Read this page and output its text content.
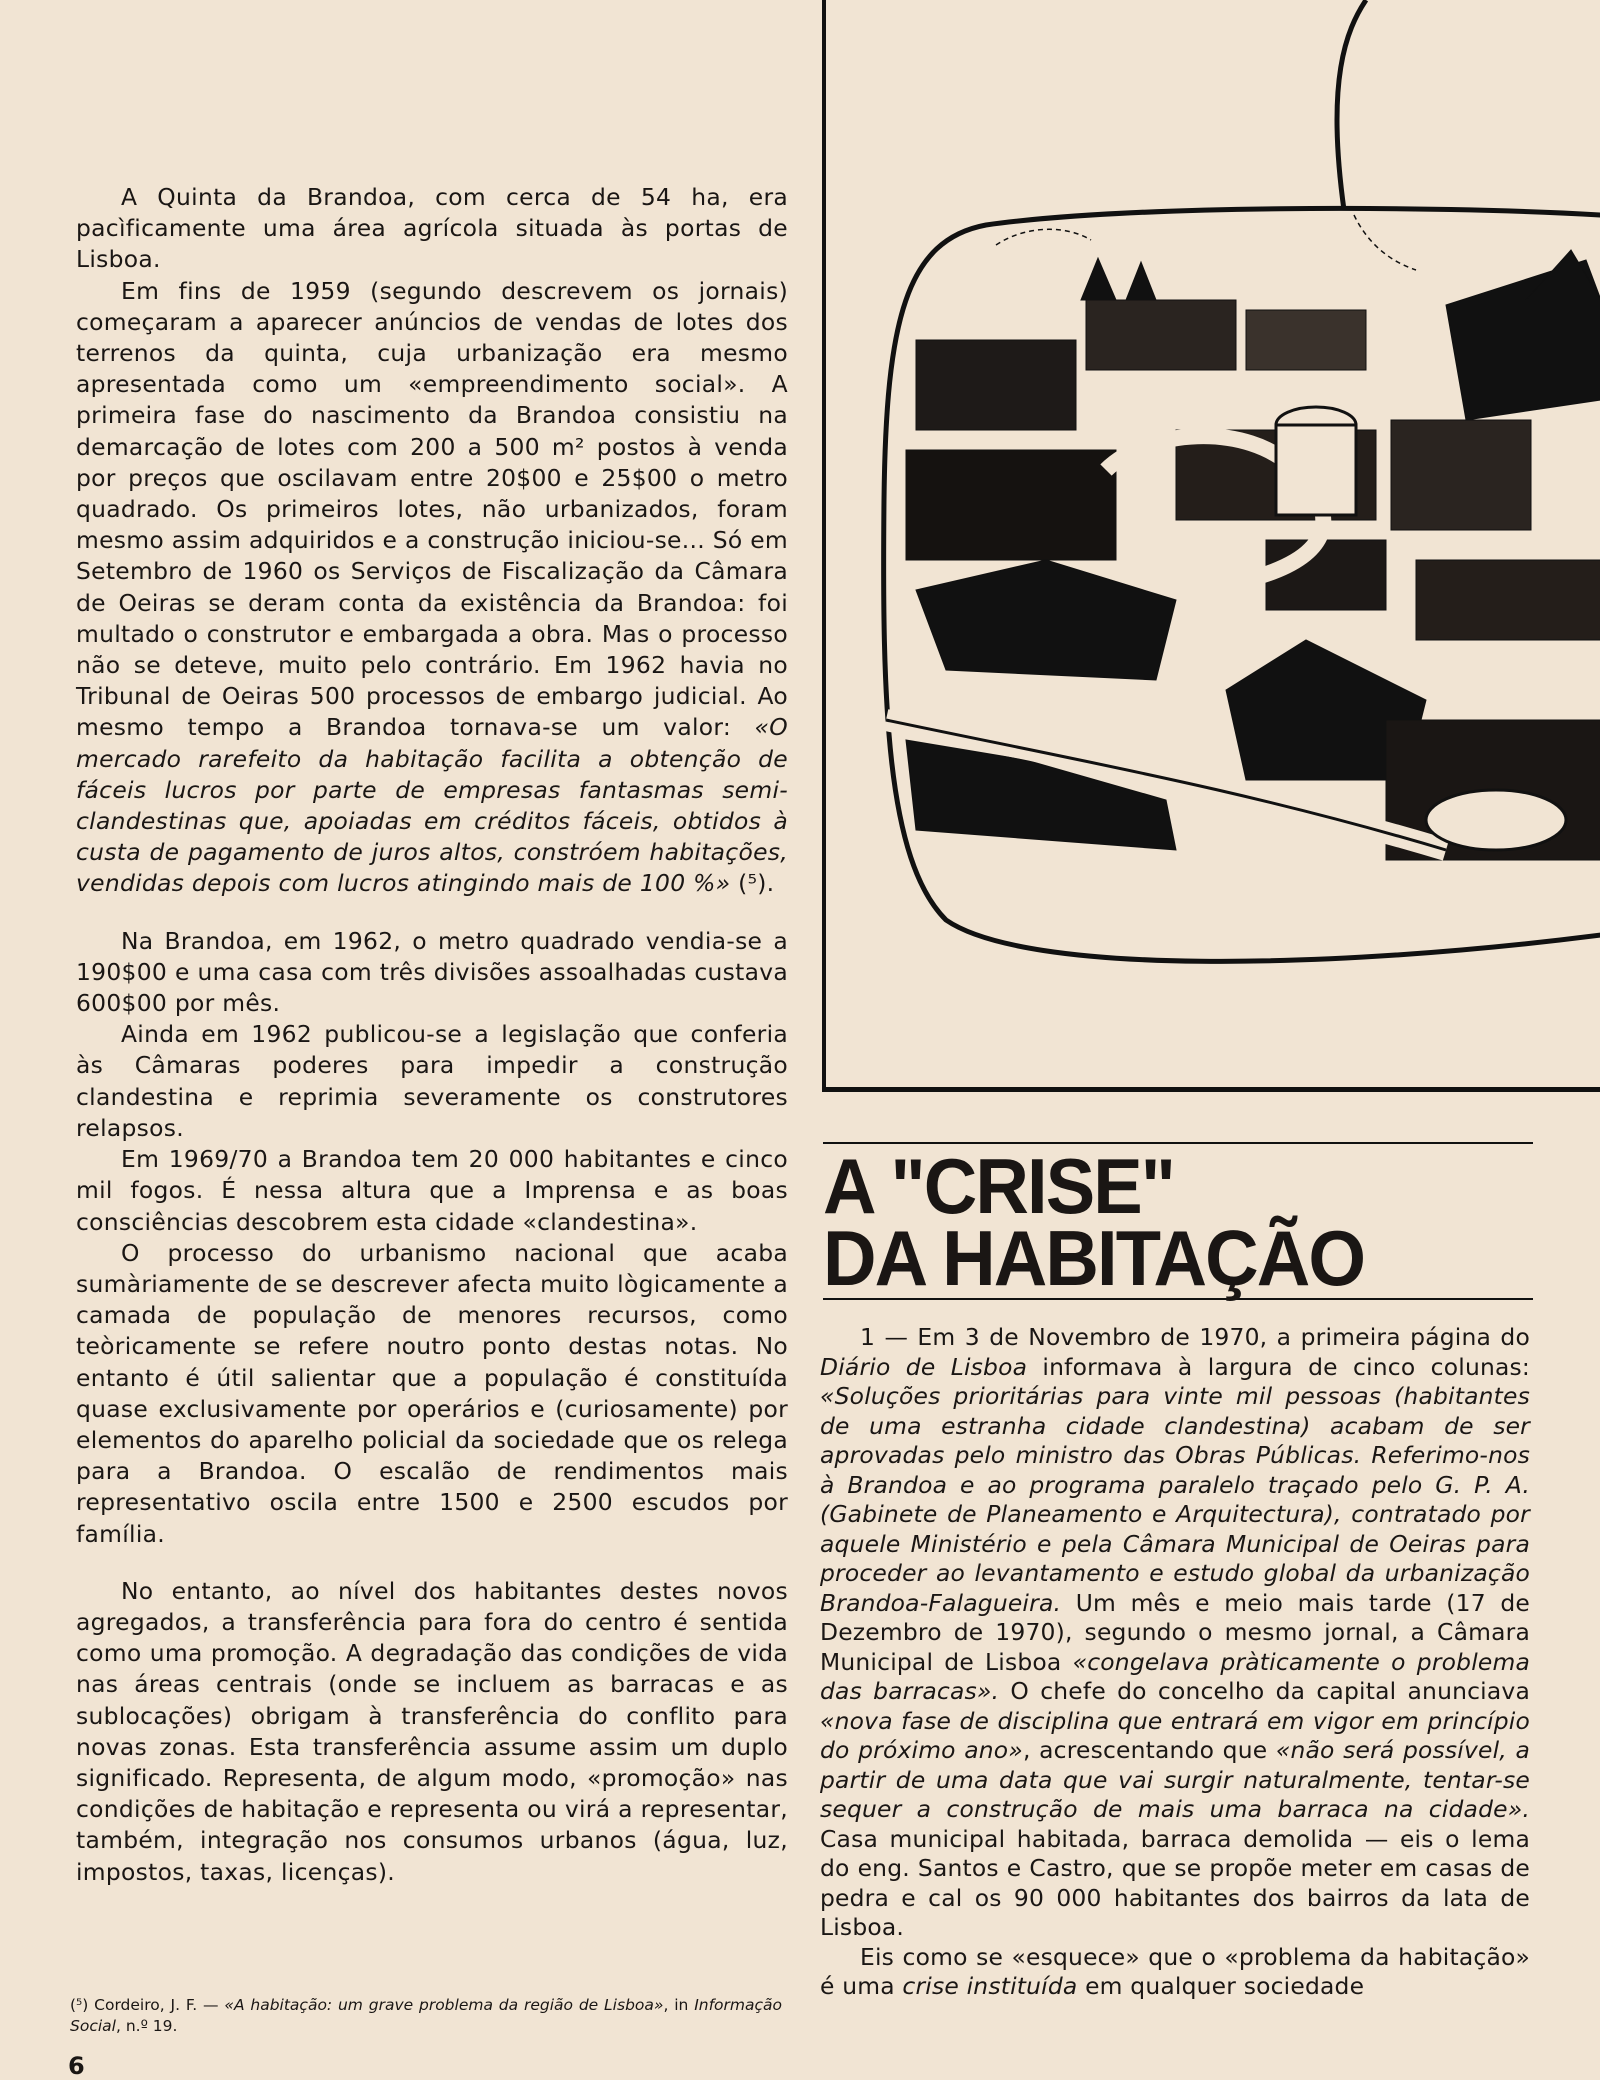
A Quinta da Brandoa, com cerca de 54 ha, era pacìficamente uma área agrícola situada às portas de Lisboa.

Em fins de 1959 (segundo descrevem os jornais) começaram a aparecer anúncios de vendas de lotes dos terrenos da quinta, cuja urbanização era mesmo apresentada como um «empreendimento social». A primeira fase do nascimento da Brandoa consistiu na demarcação de lotes com 200 a 500 m² postos à venda por preços que oscilavam entre 20$00 e 25$00 o metro quadrado. Os primeiros lotes, não urbanizados, foram mesmo assim adquiridos e a construção iniciou-se... Só em Setembro de 1960 os Serviços de Fiscalização da Câmara de Oeiras se deram conta da existência da Brandoa: foi multado o construtor e embargada a obra. Mas o processo não se deteve, muito pelo contrário. Em 1962 havia no Tribunal de Oeiras 500 processos de embargo judicial. Ao mesmo tempo a Brandoa tornava-se um valor: «O mercado rarefeito da habitação facilita a obtenção de fáceis lucros por parte de empresas fantasmas semi-clandestinas que, apoiadas em créditos fáceis, obtidos à custa de pagamento de juros altos, constróem habitações, vendidas depois com lucros atingindo mais de 100 %» (⁵).

Na Brandoa, em 1962, o metro quadrado vendia-se a 190$00 e uma casa com três divisões assoalhadas custava 600$00 por mês.

Ainda em 1962 publicou-se a legislação que conferia às Câmaras poderes para impedir a construção clandestina e reprimia severamente os construtores relapsos.

Em 1969/70 a Brandoa tem 20 000 habitantes e cinco mil fogos. É nessa altura que a Imprensa e as boas consciências descobrem esta cidade «clandestina».

O processo do urbanismo nacional que acaba sumàriamente de se descrever afecta muito lògicamente a camada de população de menores recursos, como teòricamente se refere noutro ponto destas notas. No entanto é útil salientar que a população é constituída quase exclusivamente por operários e (curiosamente) por elementos do aparelho policial da sociedade que os relega para a Brandoa. O escalão de rendimentos mais representativo oscila entre 1500 e 2500 escudos por família.

No entanto, ao nível dos habitantes destes novos agregados, a transferência para fora do centro é sentida como uma promoção. A degradação das condições de vida nas áreas centrais (onde se incluem as barracas e as sublocações) obrigam à transferência do conflito para novas zonas. Esta transferência assume assim um duplo significado. Representa, de algum modo, «promoção» nas condições de habitação e representa ou virá a representar, também, integração nos consumos urbanos (água, luz, impostos, taxas, licenças).

(⁵) Cordeiro, J. F. — «A habitação: um grave problema da região de Lisboa», in Informação Social, n.º 19.
6
A "CRISE"
DA HABITAÇÃO

1 — Em 3 de Novembro de 1970, a primeira página do Diário de Lisboa informava à largura de cinco colunas: «Soluções prioritárias para vinte mil pessoas (habitantes de uma estranha cidade clandestina) acabam de ser aprovadas pelo ministro das Obras Públicas. Referimo-nos à Brandoa e ao programa paralelo traçado pelo G. P. A. (Gabinete de Planeamento e Arquitectura), contratado por aquele Ministério e pela Câmara Municipal de Oeiras para proceder ao levantamento e estudo global da urbanização Brandoa-Falagueira. Um mês e meio mais tarde (17 de Dezembro de 1970), segundo o mesmo jornal, a Câmara Municipal de Lisboa «congelava pràticamente o problema das barracas». O chefe do concelho da capital anunciava «nova fase de disciplina que entrará em vigor em princípio do próximo ano», acrescentando que «não será possível, a partir de uma data que vai surgir naturalmente, tentar-se sequer a construção de mais uma barraca na cidade». Casa municipal habitada, barraca demolida — eis o lema do eng. Santos e Castro, que se propõe meter em casas de pedra e cal os 90 000 habitantes dos bairros da lata de Lisboa.

Eis como se «esquece» que o «problema da habitação» é uma crise instituída em qualquer sociedade
